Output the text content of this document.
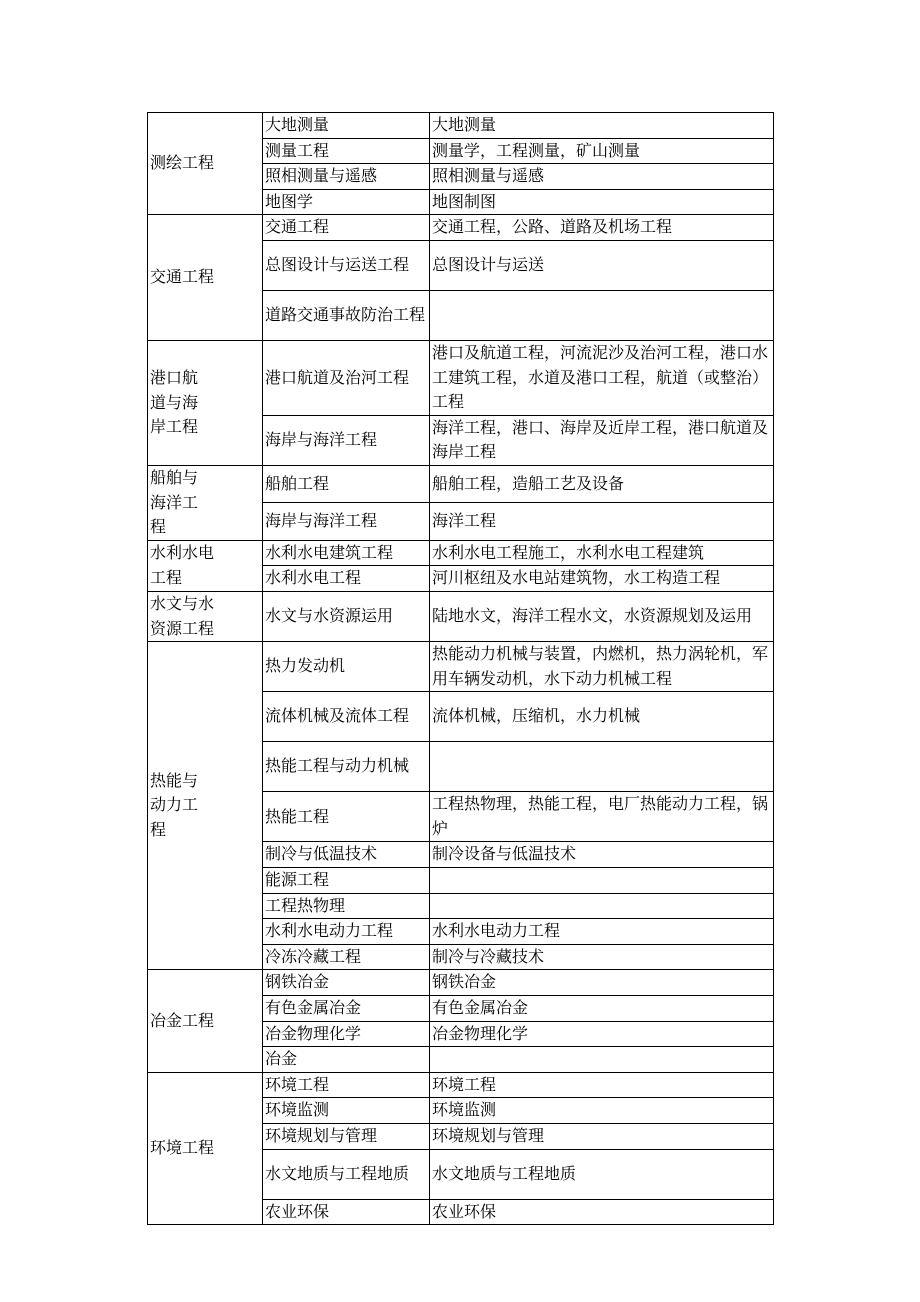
测绘工程	大地测量	大地测量
	测量工程	测量学，工程测量，矿山测量
	照相测量与遥感	照相测量与遥感
	地图学	地图制图
交通工程	交通工程	交通工程，公路、道路及机场工程
	总图设计与运送工程	总图设计与运送
	道路交通事故防治工程	
港口航道与海岸工程	港口航道及治河工程	港口及航道工程，河流泥沙及治河工程，港口水工建筑工程，水道及港口工程，航道（或整治）工程
	海岸与海洋工程	海洋工程，港口、海岸及近岸工程，港口航道及海岸工程
船舶与海洋工程	船舶工程	船舶工程，造船工艺及设备
	海岸与海洋工程	海洋工程
水利水电工程	水利水电建筑工程	水利水电工程施工，水利水电工程建筑
	水利水电工程	河川枢纽及水电站建筑物，水工构造工程
水文与水资源工程	水文与水资源运用	陆地水文，海洋工程水文，水资源规划及运用
热能与动力工程	热力发动机	热能动力机械与装置，内燃机，热力涡轮机，军用车辆发动机，水下动力机械工程
	流体机械及流体工程	流体机械，压缩机，水力机械
	热能工程与动力机械	
	热能工程	工程热物理，热能工程，电厂热能动力工程，锅炉
	制冷与低温技术	制冷设备与低温技术
	能源工程	
	工程热物理	
	水利水电动力工程	水利水电动力工程
	冷冻冷藏工程	制冷与冷藏技术
冶金工程	钢铁冶金	钢铁冶金
	有色金属冶金	有色金属冶金
	冶金物理化学	冶金物理化学
	冶金	
环境工程	环境工程	环境工程
	环境监测	环境监测
	环境规划与管理	环境规划与管理
	水文地质与工程地质	水文地质与工程地质
	农业环保	农业环保
